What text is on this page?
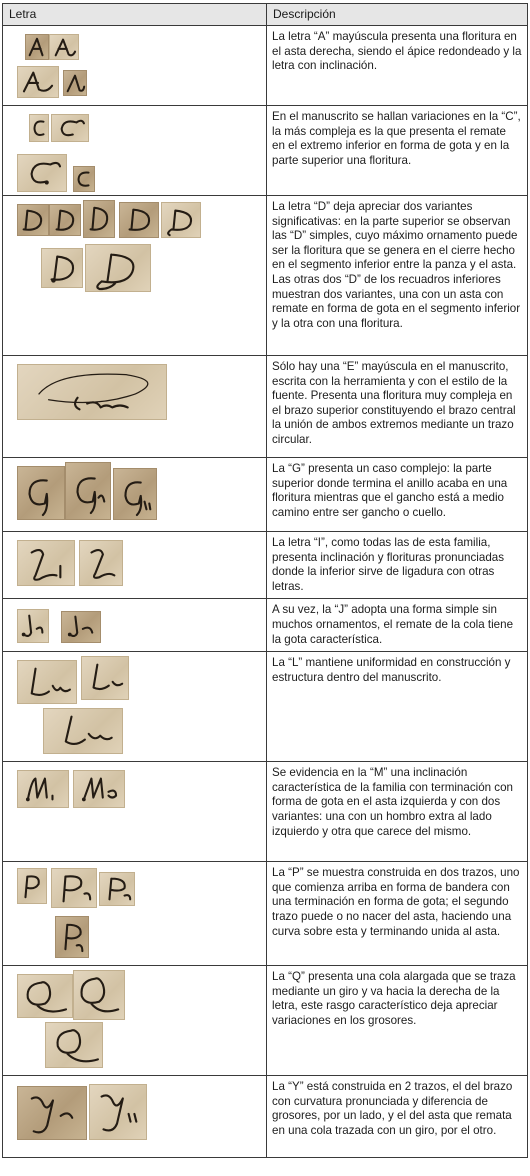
Letra	Descripción

	La letra “A” mayúscula presenta una floritura en el asta derecha, siendo el ápice redondeado y la letra con inclinación.

	En el manuscrito se hallan variaciones en la “C”, la más compleja es la que presenta el remate en el extremo inferior en forma de gota y en la parte superior una floritura.

	La letra “D” deja apreciar dos variantes significativas: en la parte superior se observan las “D” simples, cuyo máximo ornamento puede ser la floritura que se genera en el cierre hecho en el segmento inferior entre la panza y el asta. Las otras dos “D” de los recuadros inferiores muestran dos variantes, una con un asta con remate en forma de gota en el segmento inferior y la otra con una floritura.

	Sólo hay una “E” mayúscula en el manuscrito, escrita con la herramienta y con el estilo de la fuente. Presenta una floritura muy compleja en el brazo superior constituyendo el brazo central la unión de ambos extremos mediante un trazo circular.

	La “G” presenta un caso complejo: la parte superior donde termina el anillo acaba en una floritura mientras que el gancho está a medio camino entre ser gancho o cuello.

	La letra “I”, como todas las de esta familia, presenta inclinación y florituras pronunciadas donde la inferior sirve de ligadura con otras letras.

	A su vez, la “J” adopta una forma simple sin muchos ornamentos, el remate de la cola tiene la gota característica.

	La “L” mantiene uniformidad en construcción y estructura dentro del manuscrito.

	Se evidencia en la “M” una inclinación característica de la familia con terminación con forma de gota en el asta izquierda y con dos variantes: una con un hombro extra al lado izquierdo y otra que carece del mismo.

	La “P” se muestra construida en dos trazos, uno que comienza arriba en forma de bandera con una terminación en forma de gota; el segundo trazo puede o no nacer del asta, haciendo una curva sobre esta y terminando unida al asta.

	La “Q” presenta una cola alargada que se traza mediante un giro y va hacia la derecha de la letra, este rasgo característico deja apreciar variaciones en los grosores.

	La “Y” está construida en 2 trazos, el del brazo con curvatura pronunciada y diferencia de grosores, por un lado, y el del asta que remata en una cola trazada con un giro, por el otro.
